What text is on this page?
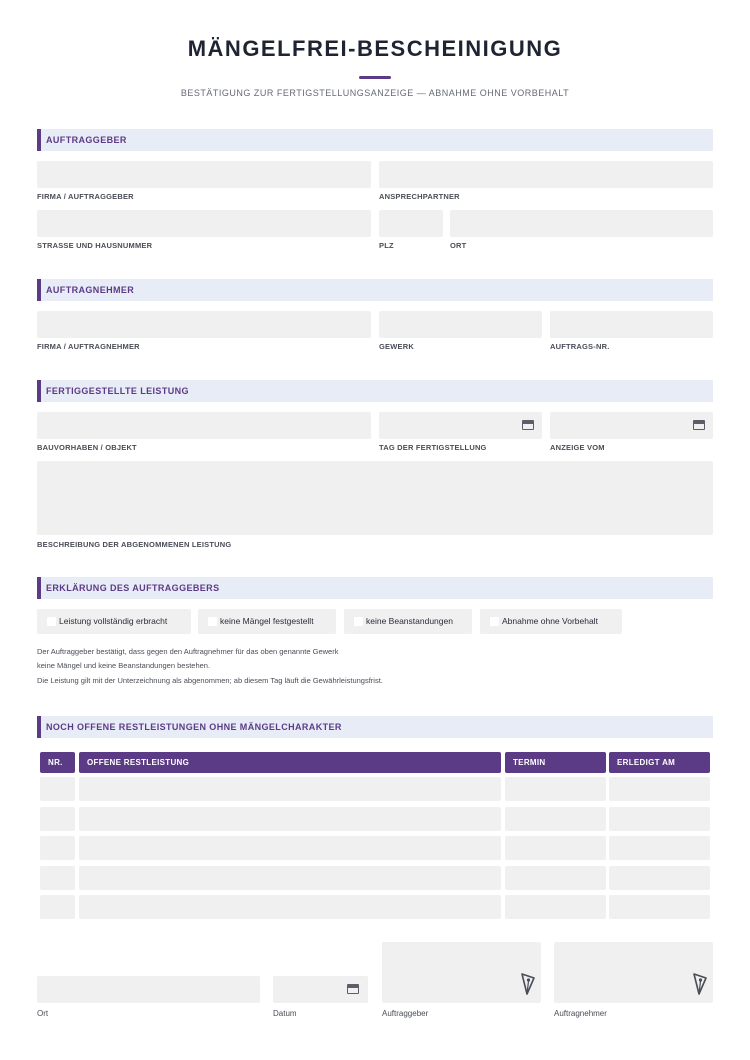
MÄNGELFREI-BESCHEINIGUNG
BESTÄTIGUNG ZUR FERTIGSTELLUNGSANZEIGE — ABNAHME OHNE VORBEHALT
AUFTRAGGEBER
FIRMA / AUFTRAGGEBER	ANSPRECHPARTNER
STRASSE UND HAUSNUMMER	PLZ	ORT
AUFTRAGNEHMER
FIRMA / AUFTRAGNEHMER	GEWERK	AUFTRAGS-NR.
FERTIGGESTELLTE LEISTUNG
BAUVORHABEN / OBJEKT	TAG DER FERTIGSTELLUNG	ANZEIGE VOM
BESCHREIBUNG DER ABGENOMMENEN LEISTUNG
ERKLÄRUNG DES AUFTRAGGEBERS
Leistung vollständig erbracht	keine Mängel festgestellt	keine Beanstandungen	Abnahme ohne Vorbehalt
Der Auftraggeber bestätigt, dass gegen den Auftragnehmer für das oben genannte Gewerk
keine Mängel und keine Beanstandungen bestehen.
Die Leistung gilt mit der Unterzeichnung als abgenommen; ab diesem Tag läuft die Gewährleistungsfrist.
NOCH OFFENE RESTLEISTUNGEN OHNE MÄNGELCHARAKTER
NR.	OFFENE RESTLEISTUNG	TERMIN	ERLEDIGT AM
Ort	Datum	Auftraggeber	Auftragnehmer
